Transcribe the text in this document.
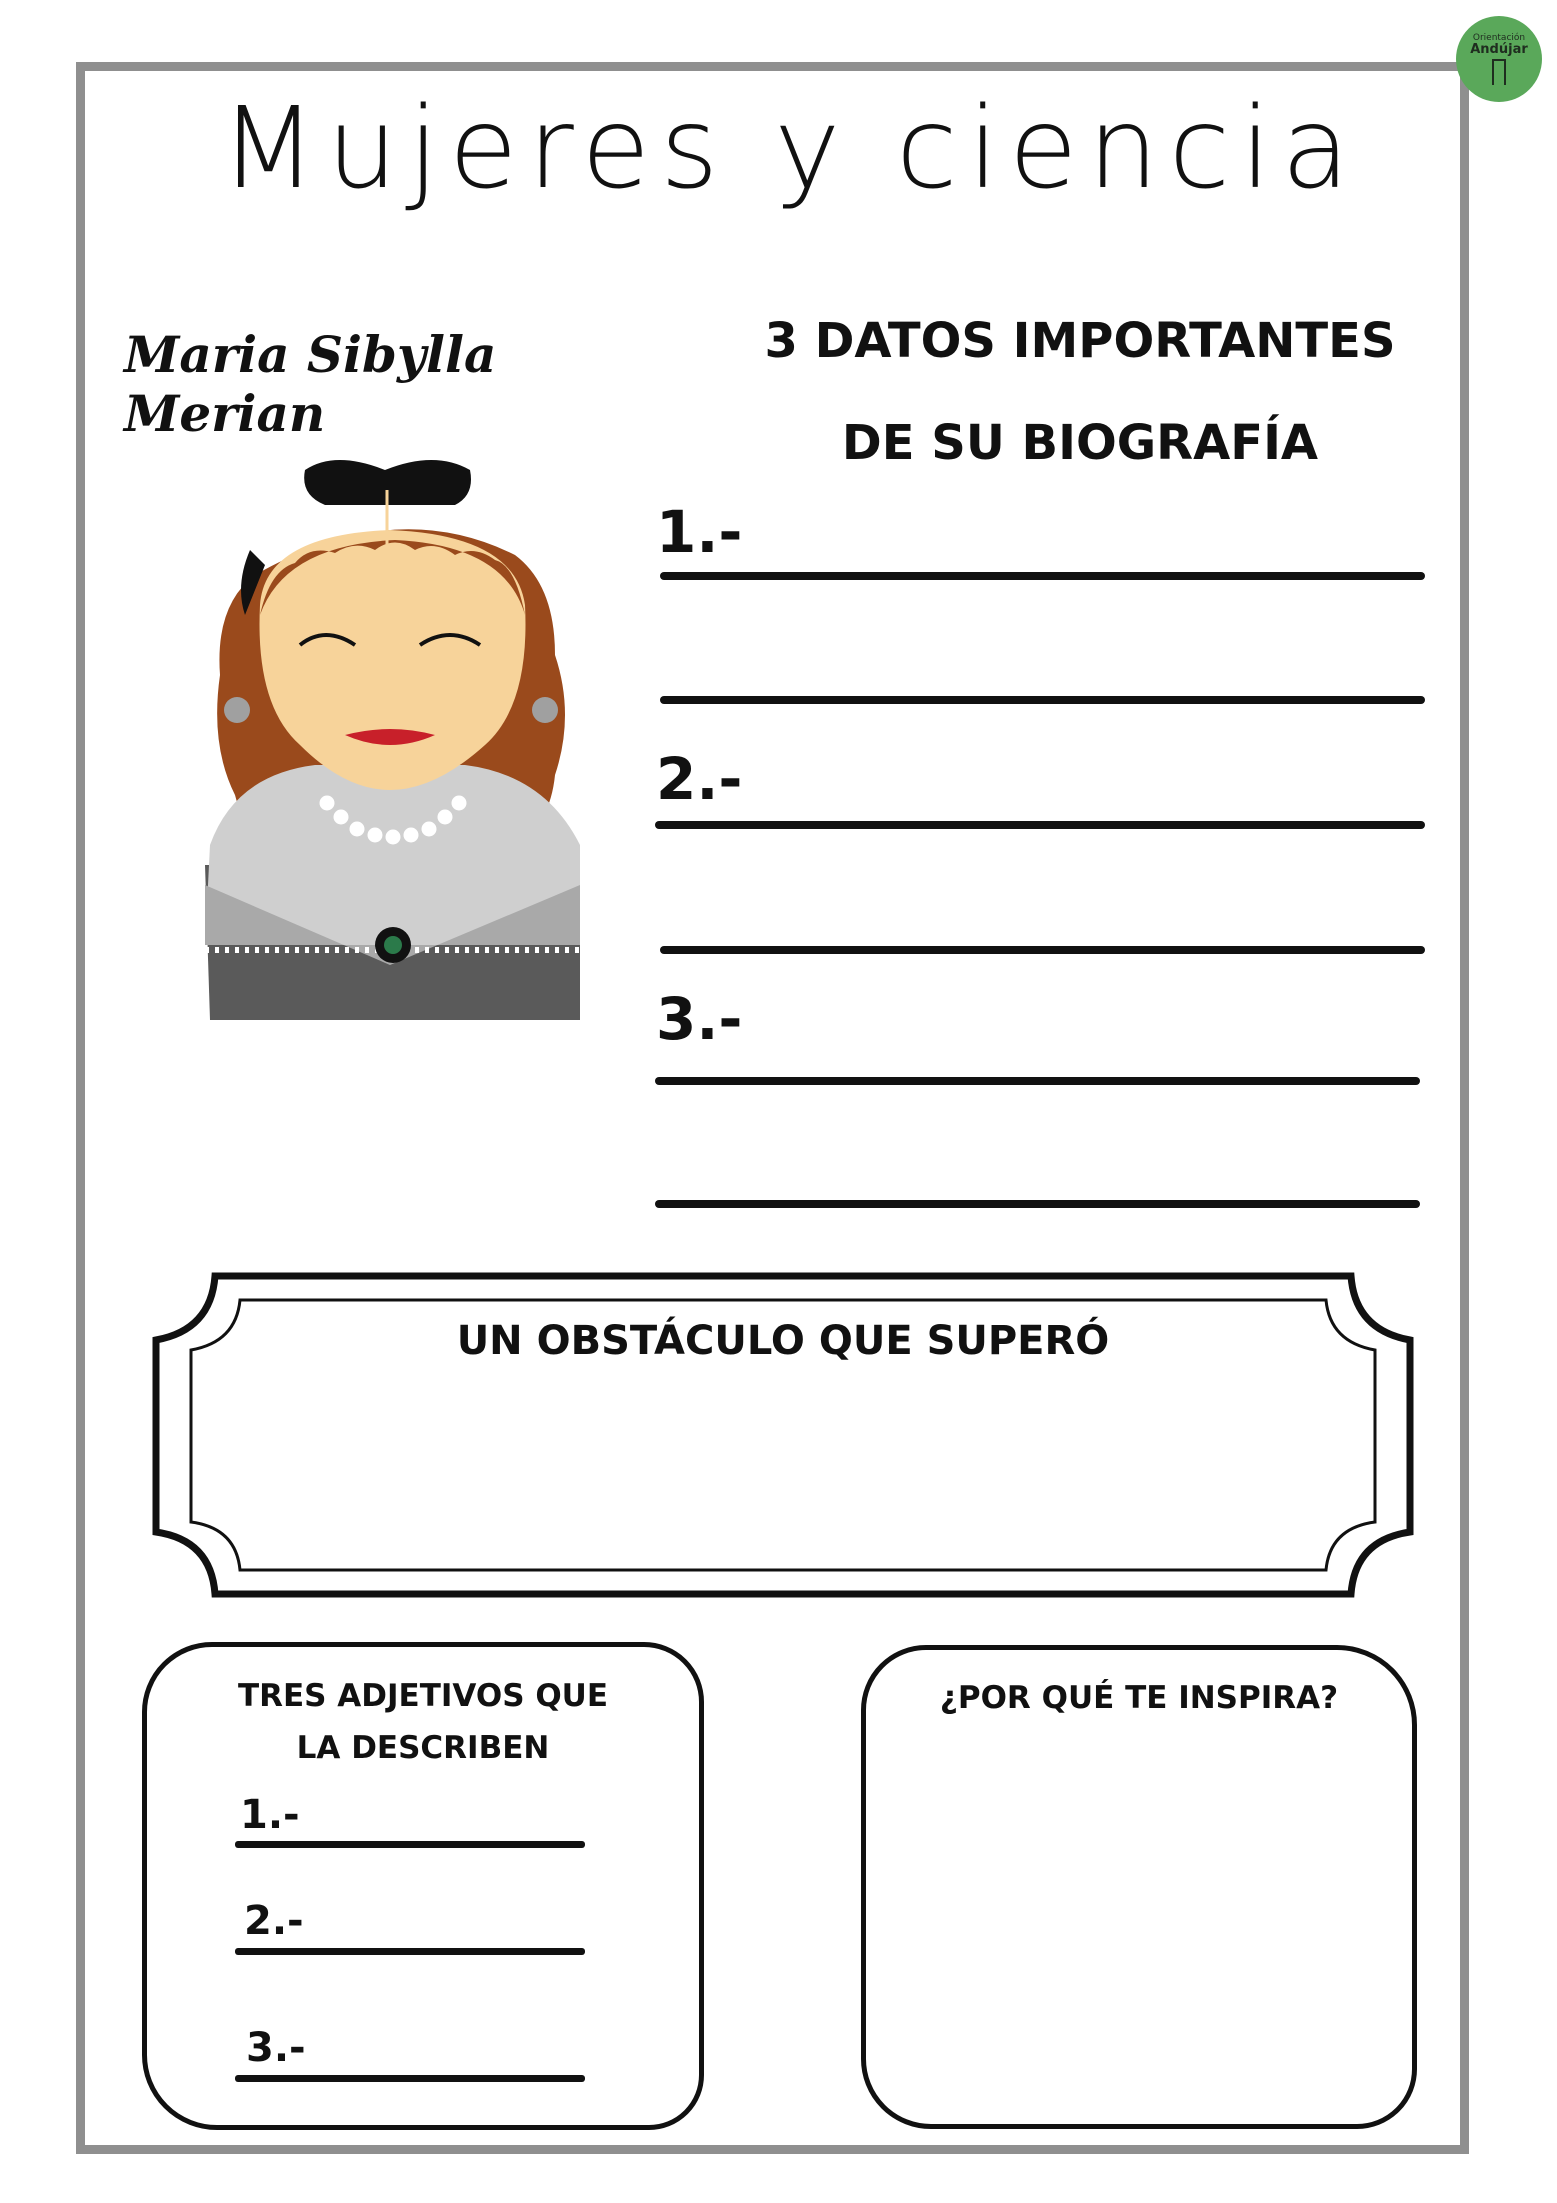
Orientación
Andújar
Mujeres y ciencia
Maria Sibylla Merian
3 DATOS IMPORTANTES
DE SU BIOGRAFÍA
1.-
2.-
3.-
UN OBSTÁCULO QUE SUPERÓ
TRES ADJETIVOS QUE
LA DESCRIBEN
1.-
2.-
3.-
¿POR QUÉ TE INSPIRA?
